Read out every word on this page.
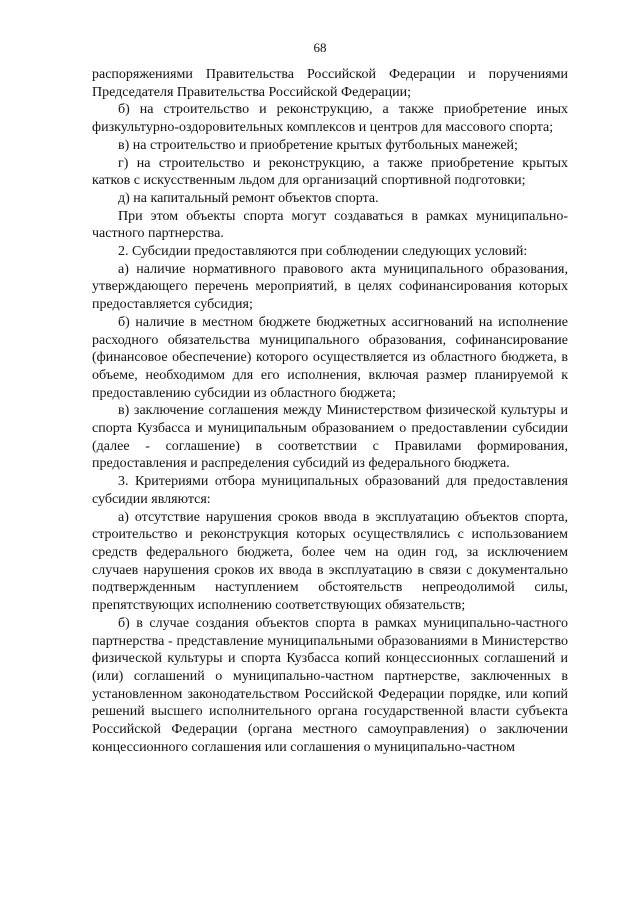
68

распоряжениями Правительства Российской Федерации и поручениями Председателя Правительства Российской Федерации;

б) на строительство и реконструкцию, а также приобретение иных физкультурно-оздоровительных комплексов и центров для массового спорта;

в) на строительство и приобретение крытых футбольных манежей;

г) на строительство и реконструкцию, а также приобретение крытых катков с искусственным льдом для организаций спортивной подготовки;

д) на капитальный ремонт объектов спорта.

При этом объекты спорта могут создаваться в рамках муниципально-частного партнерства.

2. Субсидии предоставляются при соблюдении следующих условий:

а) наличие нормативного правового акта муниципального образования, утверждающего перечень мероприятий, в целях софинансирования которых предоставляется субсидия;

б) наличие в местном бюджете бюджетных ассигнований на исполнение расходного обязательства муниципального образования, софинансирование (финансовое обеспечение) которого осуществляется из областного бюджета, в объеме, необходимом для его исполнения, включая размер планируемой к предоставлению субсидии из областного бюджета;

в) заключение соглашения между Министерством физической культуры и спорта Кузбасса и муниципальным образованием о предоставлении субсидии (далее - соглашение) в соответствии с Правилами формирования, предоставления и распределения субсидий из федерального бюджета.

3. Критериями отбора муниципальных образований для предоставления субсидии являются:

а) отсутствие нарушения сроков ввода в эксплуатацию объектов спорта, строительство и реконструкция которых осуществлялись с использованием средств федерального бюджета, более чем на один год, за исключением случаев нарушения сроков их ввода в эксплуатацию в связи с документально подтвержденным наступлением обстоятельств непреодолимой силы, препятствующих исполнению соответствующих обязательств;

б) в случае создания объектов спорта в рамках муниципально-частного партнерства - представление муниципальными образованиями в Министерство физической культуры и спорта Кузбасса копий концессионных соглашений и (или) соглашений о муниципально-частном партнерстве, заключенных в установленном законодательством Российской Федерации порядке, или копий решений высшего исполнительного органа государственной власти субъекта Российской Федерации (органа местного самоуправления) о заключении концессионного соглашения или соглашения о муниципально-частном
